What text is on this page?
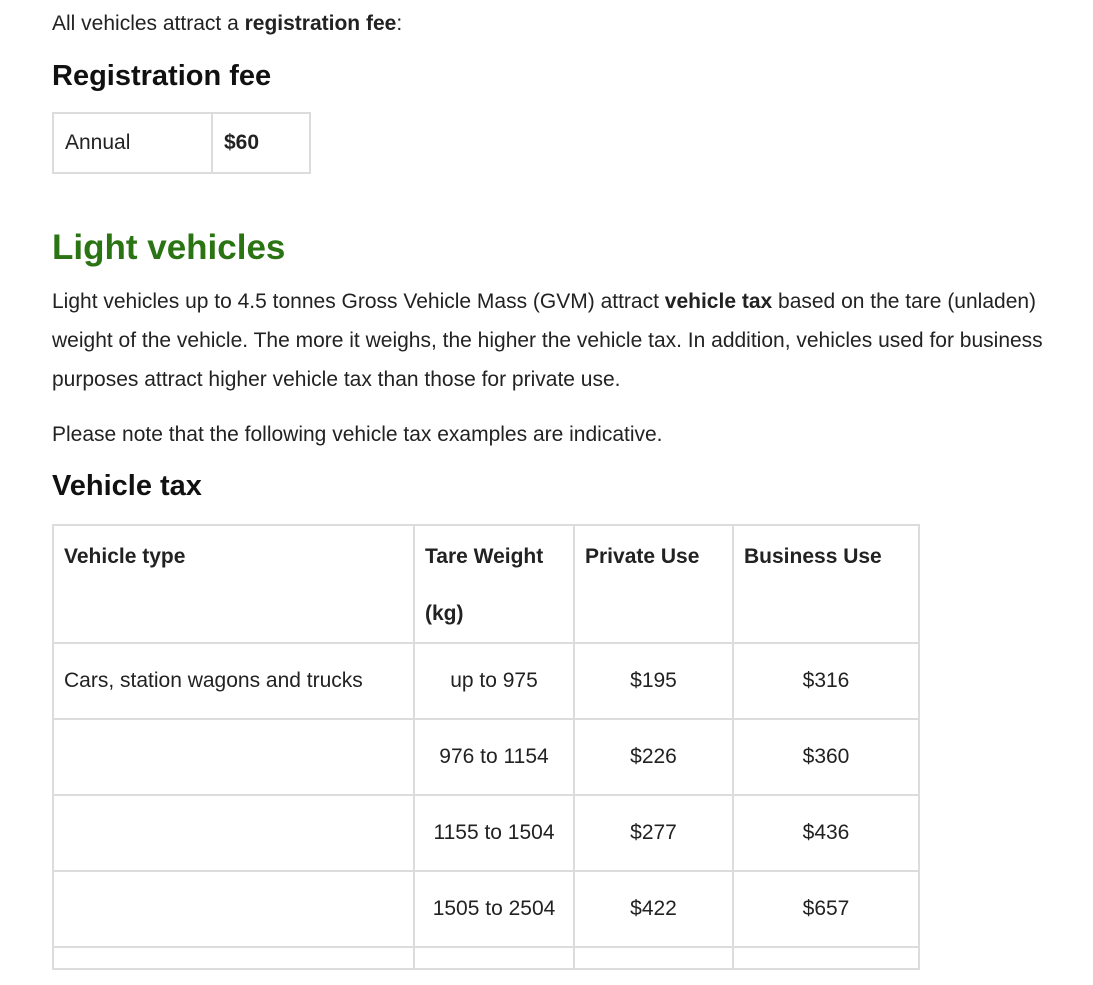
All vehicles attract a registration fee:

Registration fee
Annual	$60
Light vehicles

Light vehicles up to 4.5 tonnes Gross Vehicle Mass (GVM) attract vehicle tax based on the tare (unladen) weight of the vehicle. The more it weighs, the higher the vehicle tax. In addition, vehicles used for business purposes attract higher vehicle tax than those for private use.

Please note that the following vehicle tax examples are indicative.

Vehicle tax
Vehicle type	Tare Weight (kg)	Private Use	Business Use
Cars, station wagons and trucks	up to 975	$195	$316
	976 to 1154	$226	$360
	1155 to 1504	$277	$436
	1505 to 2504	$422	$657
